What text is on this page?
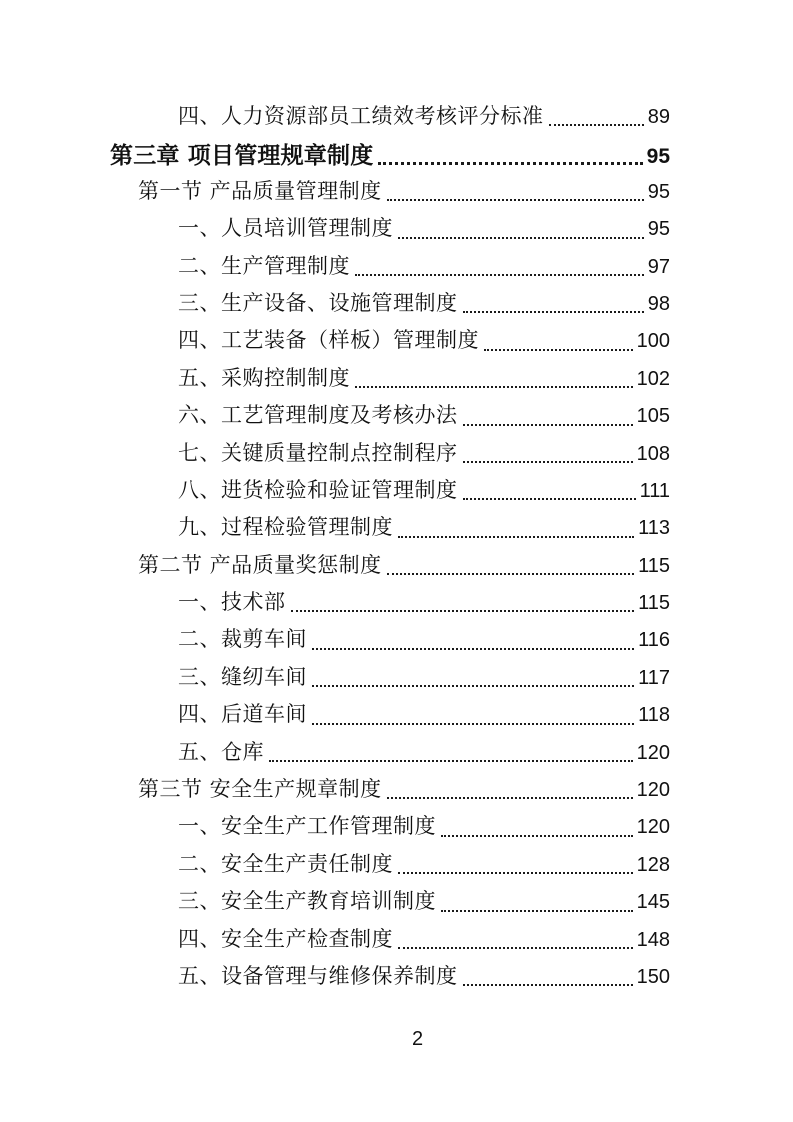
四、人力资源部员工绩效考核评分标准	89
第三章 项目管理规章制度	95
第一节 产品质量管理制度	95
一、人员培训管理制度	95
二、生产管理制度	97
三、生产设备、设施管理制度	98
四、工艺装备（样板）管理制度	100
五、采购控制制度	102
六、工艺管理制度及考核办法	105
七、关键质量控制点控制程序	108
八、进货检验和验证管理制度	111
九、过程检验管理制度	113
第二节 产品质量奖惩制度	115
一、技术部	115
二、裁剪车间	116
三、缝纫车间	117
四、后道车间	118
五、仓库	120
第三节 安全生产规章制度	120
一、安全生产工作管理制度	120
二、安全生产责任制度	128
三、安全生产教育培训制度	145
四、安全生产检查制度	148
五、设备管理与维修保养制度	150
2
